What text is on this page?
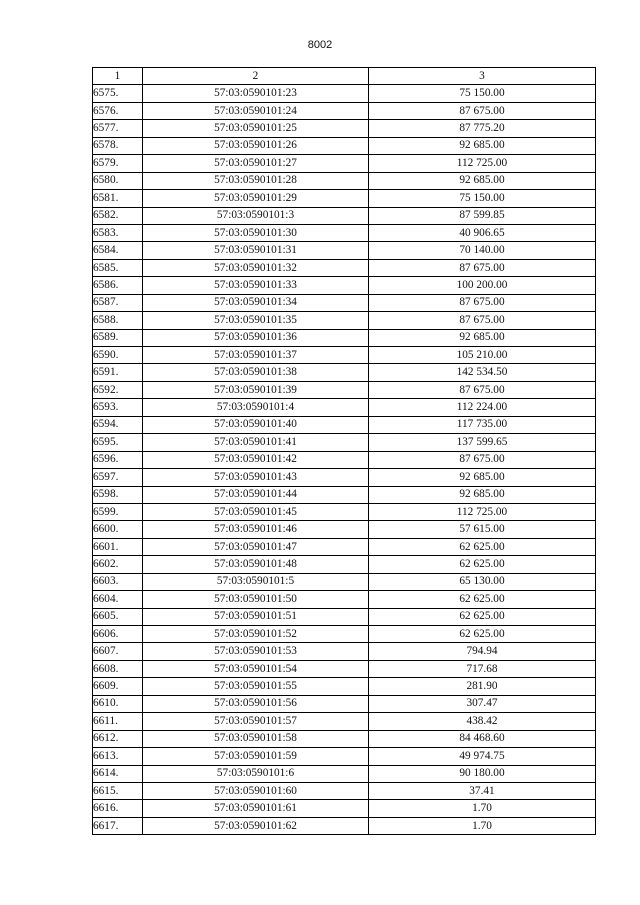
8002
1	2	3
6575.	57:03:0590101:23	75 150.00
6576.	57:03:0590101:24	87 675.00
6577.	57:03:0590101:25	87 775.20
6578.	57:03:0590101:26	92 685.00
6579.	57:03:0590101:27	112 725.00
6580.	57:03:0590101:28	92 685.00
6581.	57:03:0590101:29	75 150.00
6582.	57:03:0590101:3	87 599.85
6583.	57:03:0590101:30	40 906.65
6584.	57:03:0590101:31	70 140.00
6585.	57:03:0590101:32	87 675.00
6586.	57:03:0590101:33	100 200.00
6587.	57:03:0590101:34	87 675.00
6588.	57:03:0590101:35	87 675.00
6589.	57:03:0590101:36	92 685.00
6590.	57:03:0590101:37	105 210.00
6591.	57:03:0590101:38	142 534.50
6592.	57:03:0590101:39	87 675.00
6593.	57:03:0590101:4	112 224.00
6594.	57:03:0590101:40	117 735.00
6595.	57:03:0590101:41	137 599.65
6596.	57:03:0590101:42	87 675.00
6597.	57:03:0590101:43	92 685.00
6598.	57:03:0590101:44	92 685.00
6599.	57:03:0590101:45	112 725.00
6600.	57:03:0590101:46	57 615.00
6601.	57:03:0590101:47	62 625.00
6602.	57:03:0590101:48	62 625.00
6603.	57:03:0590101:5	65 130.00
6604.	57:03:0590101:50	62 625.00
6605.	57:03:0590101:51	62 625.00
6606.	57:03:0590101:52	62 625.00
6607.	57:03:0590101:53	794.94
6608.	57:03:0590101:54	717.68
6609.	57:03:0590101:55	281.90
6610.	57:03:0590101:56	307.47
6611.	57:03:0590101:57	438.42
6612.	57:03:0590101:58	84 468.60
6613.	57:03:0590101:59	49 974.75
6614.	57:03:0590101:6	90 180.00
6615.	57:03:0590101:60	37.41
6616.	57:03:0590101:61	1.70
6617.	57:03:0590101:62	1.70
